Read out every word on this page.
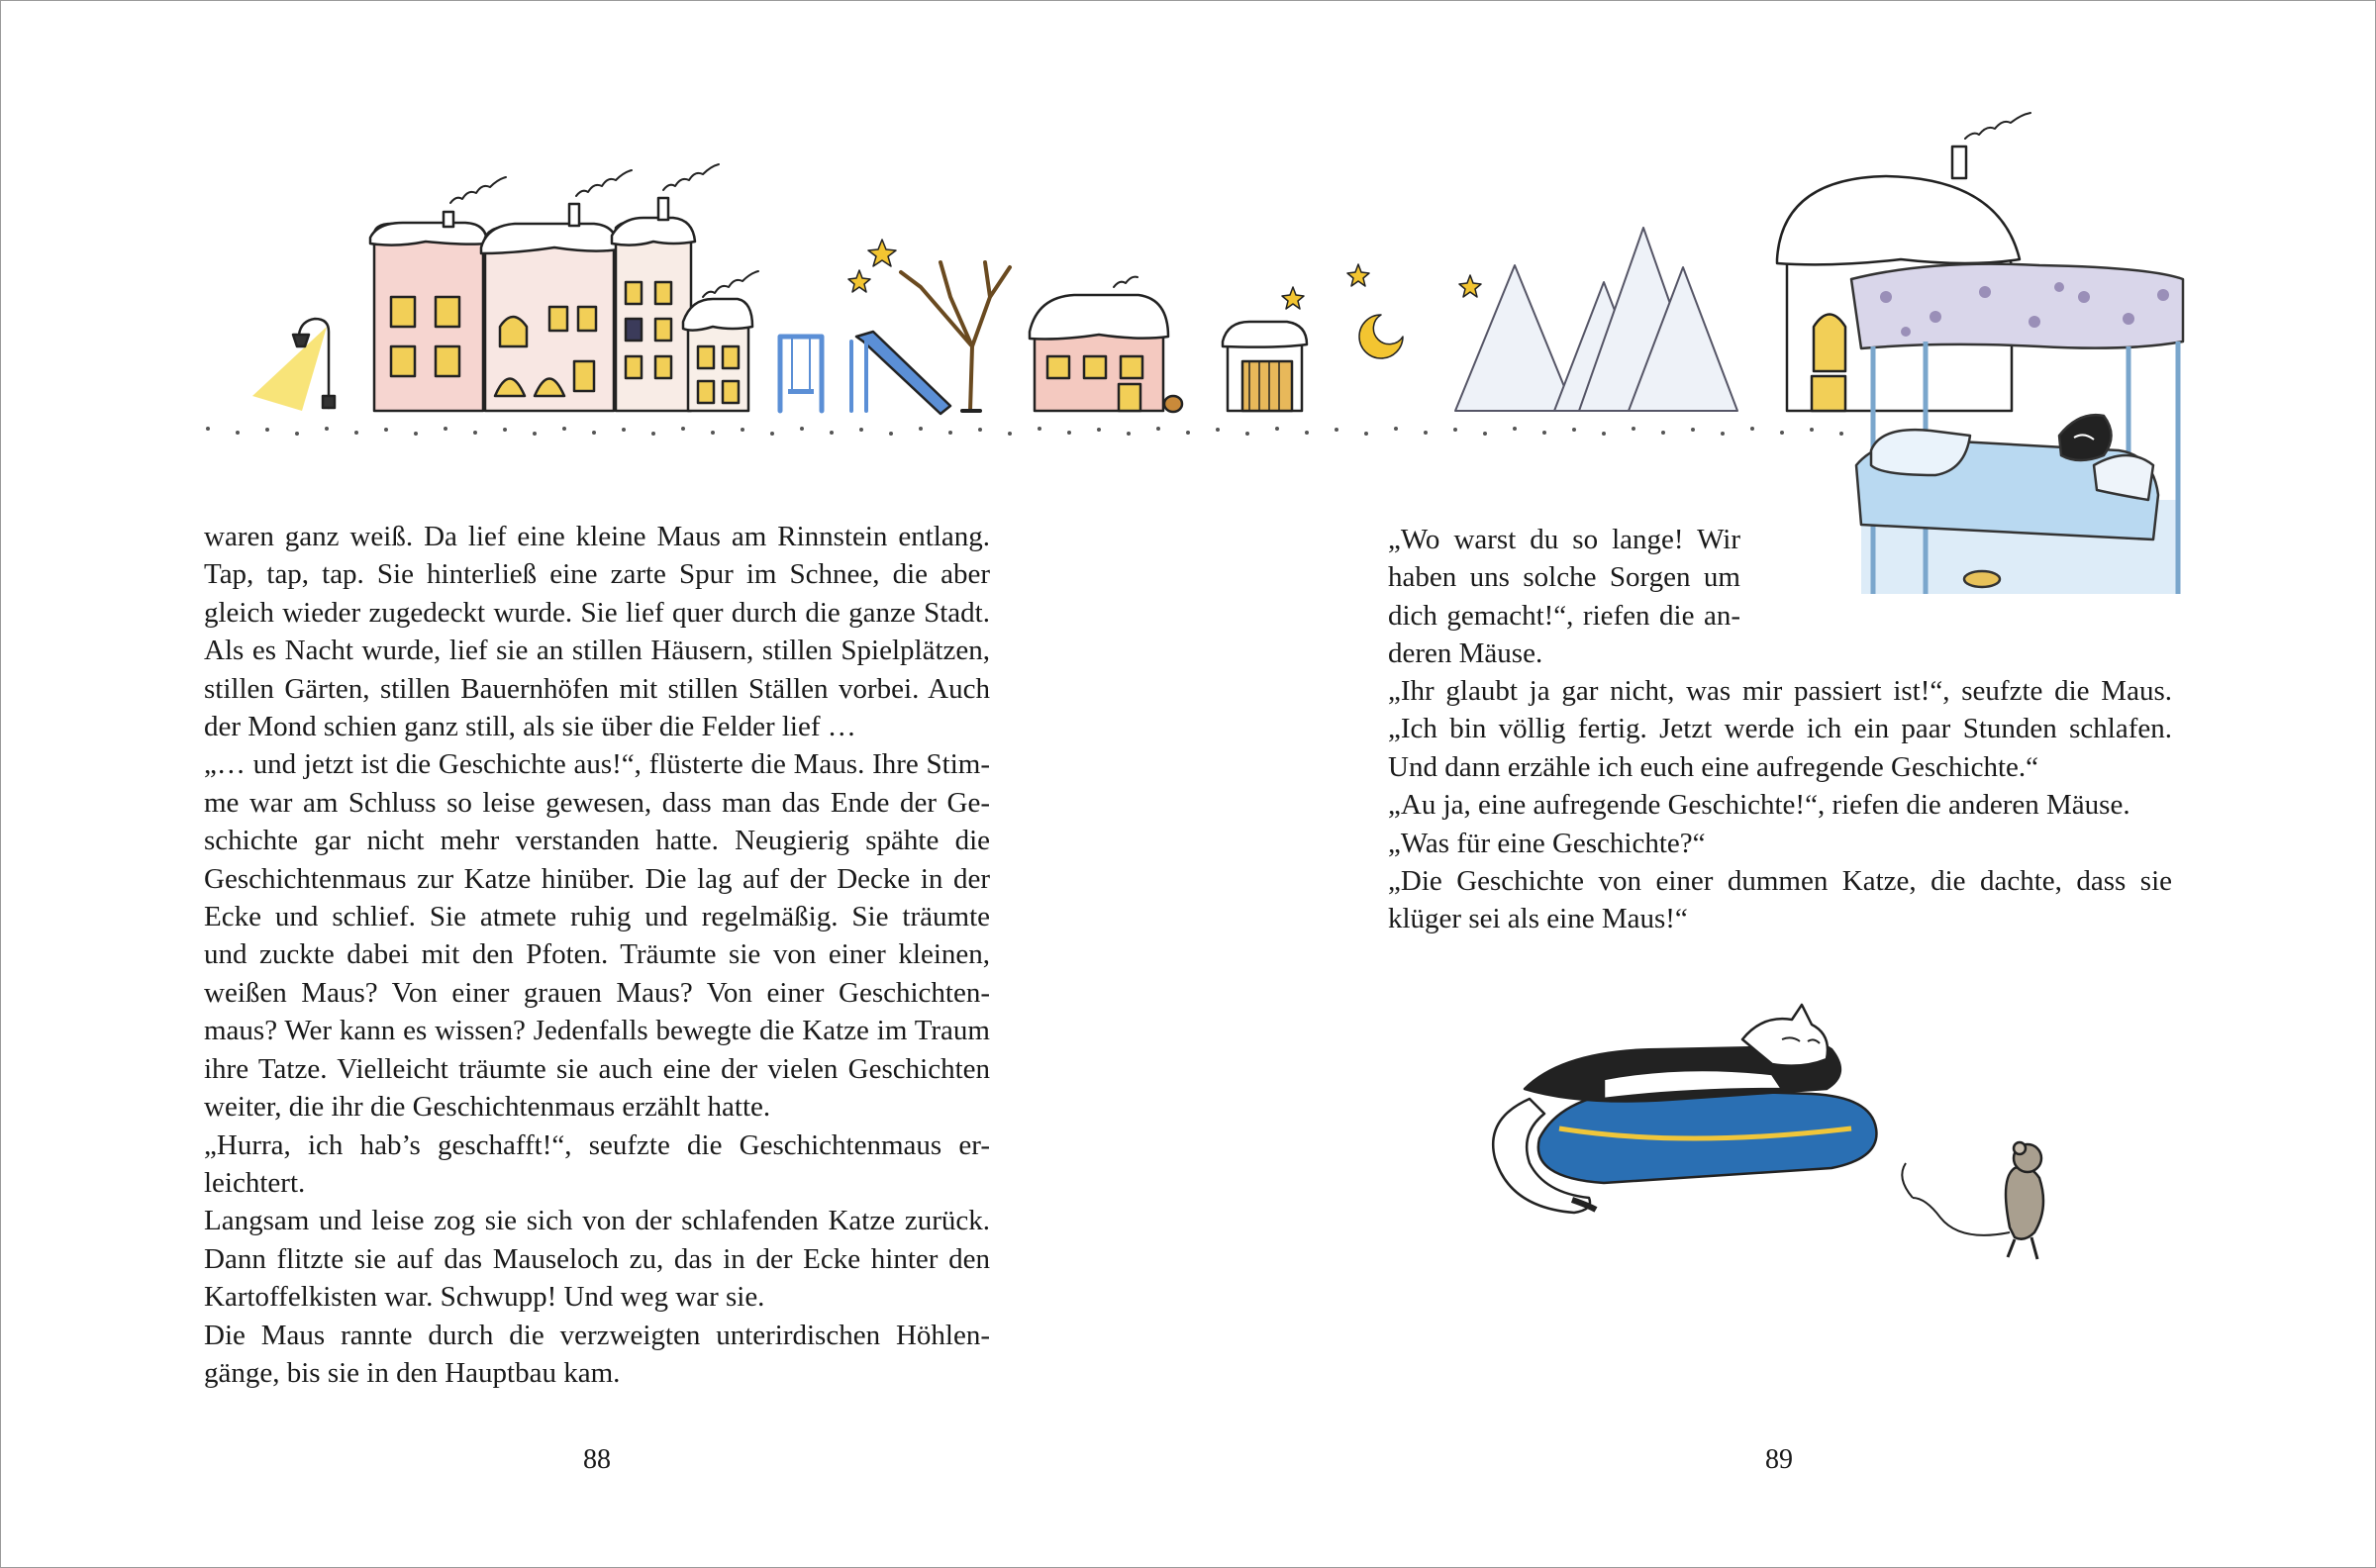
waren ganz weiß. Da lief eine kleine Maus am Rinnstein entlang.
Tap, tap, tap. Sie hinterließ eine zarte Spur im Schnee, die aber
gleich wieder zugedeckt wurde. Sie lief quer durch die ganze Stadt.
Als es Nacht wurde, lief sie an stillen Häusern, stillen Spielplätzen,
stillen Gärten, stillen Bauernhöfen mit stillen Ställen vorbei. Auch
der Mond schien ganz still, als sie über die Felder lief …
„… und jetzt ist die Geschichte aus!“, flüsterte die Maus. Ihre Stim-
me war am Schluss so leise gewesen, dass man das Ende der Ge-
schichte gar nicht mehr verstanden hatte. Neugierig spähte die
Geschichtenmaus zur Katze hinüber. Die lag auf der Decke in der
Ecke und schlief. Sie atmete ruhig und regelmäßig. Sie träumte
und zuckte dabei mit den Pfoten. Träumte sie von einer kleinen,
weißen Maus? Von einer grauen Maus? Von einer Geschichten-
maus? Wer kann es wissen? Jedenfalls bewegte die Katze im Traum
ihre Tatze. Vielleicht träumte sie auch eine der vielen Geschichten
weiter, die ihr die Geschichtenmaus erzählt hatte.
„Hurra, ich hab’s geschafft!“, seufzte die Geschichtenmaus er-
leichtert.
Langsam und leise zog sie sich von der schlafenden Katze zurück.
Dann flitzte sie auf das Mauseloch zu, das in der Ecke hinter den
Kartoffelkisten war. Schwupp! Und weg war sie.
Die Maus rannte durch die verzweigten unterirdischen Höhlen-
gänge, bis sie in den Hauptbau kam.
„Wo warst du so lange! Wir
haben uns solche Sorgen um
dich gemacht!“, riefen die an-
deren Mäuse.
„Ihr glaubt ja gar nicht, was mir passiert ist!“, seufzte die Maus.
„Ich bin völlig fertig. Jetzt werde ich ein paar Stunden schlafen.
Und dann erzähle ich euch eine aufregende Geschichte.“
„Au ja, eine aufregende Geschichte!“, riefen die anderen Mäuse.
„Was für eine Geschichte?“
„Die Geschichte von einer dummen Katze, die dachte, dass sie
klüger sei als eine Maus!“
88	89
